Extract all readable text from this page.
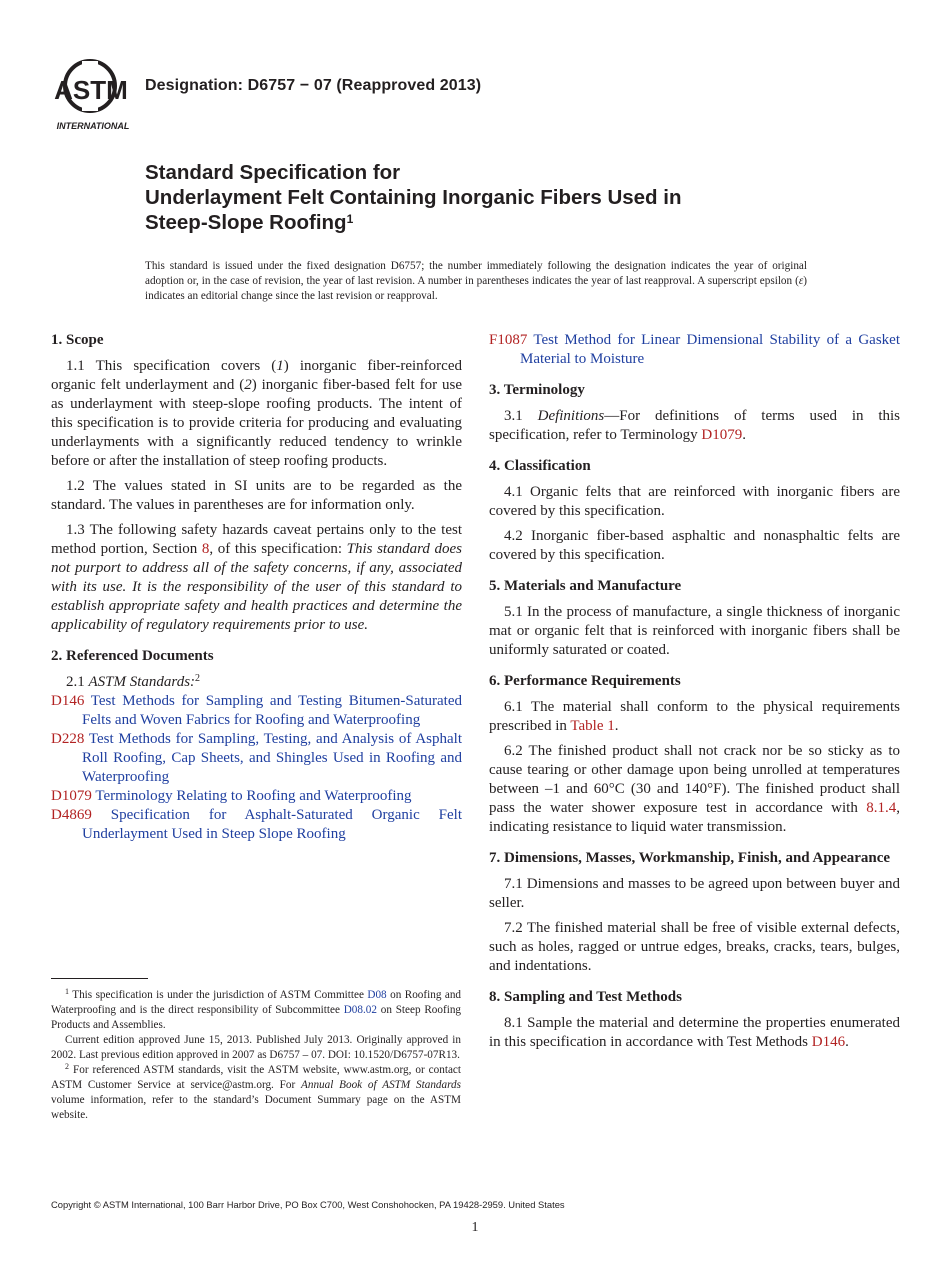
ASTM
INTERNATIONAL
Designation: D6757 − 07 (Reapproved 2013)
Standard Specification for
Underlayment Felt Containing Inorganic Fibers Used in
Steep-Slope Roofing$^1$
This standard is issued under the fixed designation D6757; the number immediately following the designation indicates the year of original adoption or, in the case of revision, the year of last revision. A number in parentheses indicates the year of last reapproval. A superscript epsilon (ε) indicates an editorial change since the last revision or reapproval.

1. Scope

1.1 This specification covers (1) inorganic fiber-reinforced organic felt underlayment and (2) inorganic fiber-based felt for use as underlayment with steep-slope roofing products. The intent of this specification is to provide criteria for producing and evaluating underlayments with a significantly reduced tendency to wrinkle before or after the installation of steep roofing products.

1.2 The values stated in SI units are to be regarded as the standard. The values in parentheses are for information only.

1.3 The following safety hazards caveat pertains only to the test method portion, Section 8, of this specification: This standard does not purport to address all of the safety concerns, if any, associated with its use. It is the responsibility of the user of this standard to establish appropriate safety and health practices and determine the applicability of regulatory requirements prior to use.

2. Referenced Documents

2.1 ASTM Standards:$^2$

D146 Test Methods for Sampling and Testing Bitumen-Saturated Felts and Woven Fabrics for Roofing and Waterproofing

D228 Test Methods for Sampling, Testing, and Analysis of Asphalt Roll Roofing, Cap Sheets, and Shingles Used in Roofing and Waterproofing

D1079 Terminology Relating to Roofing and Waterproofing

D4869 Specification for Asphalt-Saturated Organic Felt Underlayment Used in Steep Slope Roofing

$^1$ This specification is under the jurisdiction of ASTM Committee D08 on Roofing and Waterproofing and is the direct responsibility of Subcommittee D08.02 on Steep Roofing Products and Assemblies.

Current edition approved June 15, 2013. Published July 2013. Originally approved in 2002. Last previous edition approved in 2007 as D6757 – 07. DOI: 10.1520/D6757-07R13.

$^2$ For referenced ASTM standards, visit the ASTM website, www.astm.org, or contact ASTM Customer Service at service@astm.org. For Annual Book of ASTM Standards volume information, refer to the standard’s Document Summary page on the ASTM website.

F1087 Test Method for Linear Dimensional Stability of a Gasket Material to Moisture

3. Terminology

3.1 Definitions—For definitions of terms used in this specification, refer to Terminology D1079.

4. Classification

4.1 Organic felts that are reinforced with inorganic fibers are covered by this specification.

4.2 Inorganic fiber-based asphaltic and nonasphaltic felts are covered by this specification.

5. Materials and Manufacture

5.1 In the process of manufacture, a single thickness of inorganic mat or organic felt that is reinforced with inorganic fibers shall be uniformly saturated or coated.

6. Performance Requirements

6.1 The material shall conform to the physical requirements prescribed in Table 1.

6.2 The finished product shall not crack nor be so sticky as to cause tearing or other damage upon being unrolled at temperatures between –1 and 60°C (30 and 140°F). The finished product shall pass the water shower exposure test in accordance with 8.1.4, indicating resistance to liquid water transmission.

7. Dimensions, Masses, Workmanship, Finish, and Appearance

7.1 Dimensions and masses to be agreed upon between buyer and seller.

7.2 The finished material shall be free of visible external defects, such as holes, ragged or untrue edges, breaks, cracks, tears, bulges, and indentations.

8. Sampling and Test Methods

8.1 Sample the material and determine the properties enumerated in this specification in accordance with Test Methods D146.

Copyright © ASTM International, 100 Barr Harbor Drive, PO Box C700, West Conshohocken, PA 19428-2959. United States
1
